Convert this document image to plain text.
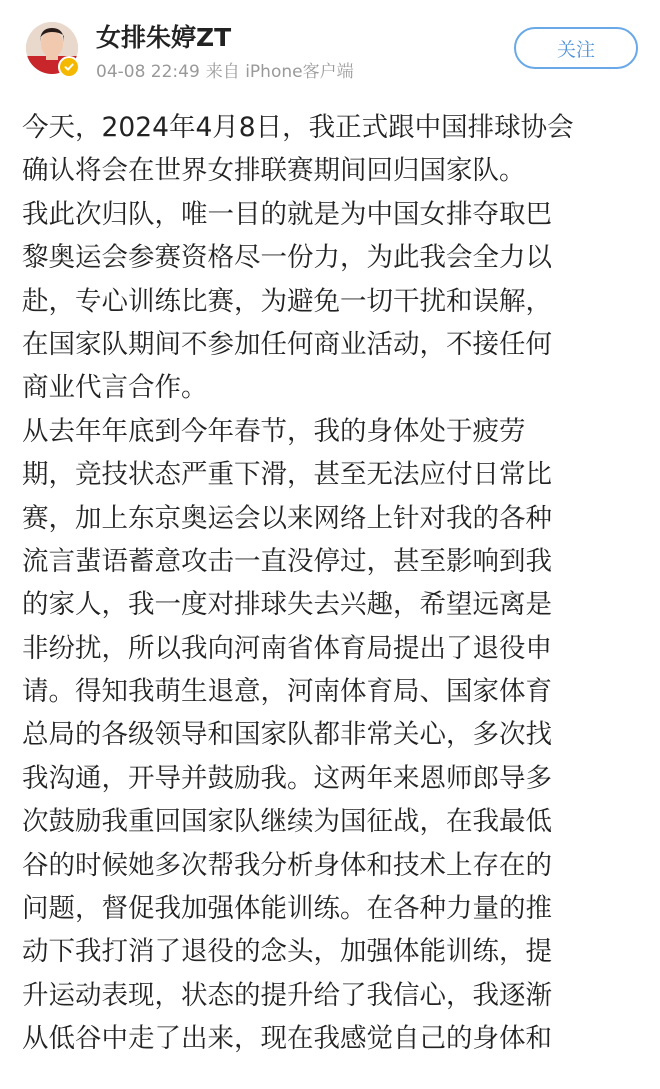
女排朱婷ZT
04-08 22:49 来自 iPhone客户端
关注
今天，2024年4月8日，我正式跟中国排球协会
确认将会在世界女排联赛期间回归国家队。
我此次归队，唯一目的就是为中国女排夺取巴
黎奥运会参赛资格尽一份力，为此我会全力以
赴，专心训练比赛，为避免一切干扰和误解，
在国家队期间不参加任何商业活动，不接任何
商业代言合作。
从去年年底到今年春节，我的身体处于疲劳
期，竞技状态严重下滑，甚至无法应付日常比
赛，加上东京奥运会以来网络上针对我的各种
流言蜚语蓄意攻击一直没停过，甚至影响到我
的家人，我一度对排球失去兴趣，希望远离是
非纷扰，所以我向河南省体育局提出了退役申
请。得知我萌生退意，河南体育局、国家体育
总局的各级领导和国家队都非常关心，多次找
我沟通，开导并鼓励我。这两年来恩师郎导多
次鼓励我重回国家队继续为国征战，在我最低
谷的时候她多次帮我分析身体和技术上存在的
问题，督促我加强体能训练。在各种力量的推
动下我打消了退役的念头，加强体能训练，提
升运动表现，状态的提升给了我信心，我逐渐
从低谷中走了出来，现在我感觉自己的身体和
